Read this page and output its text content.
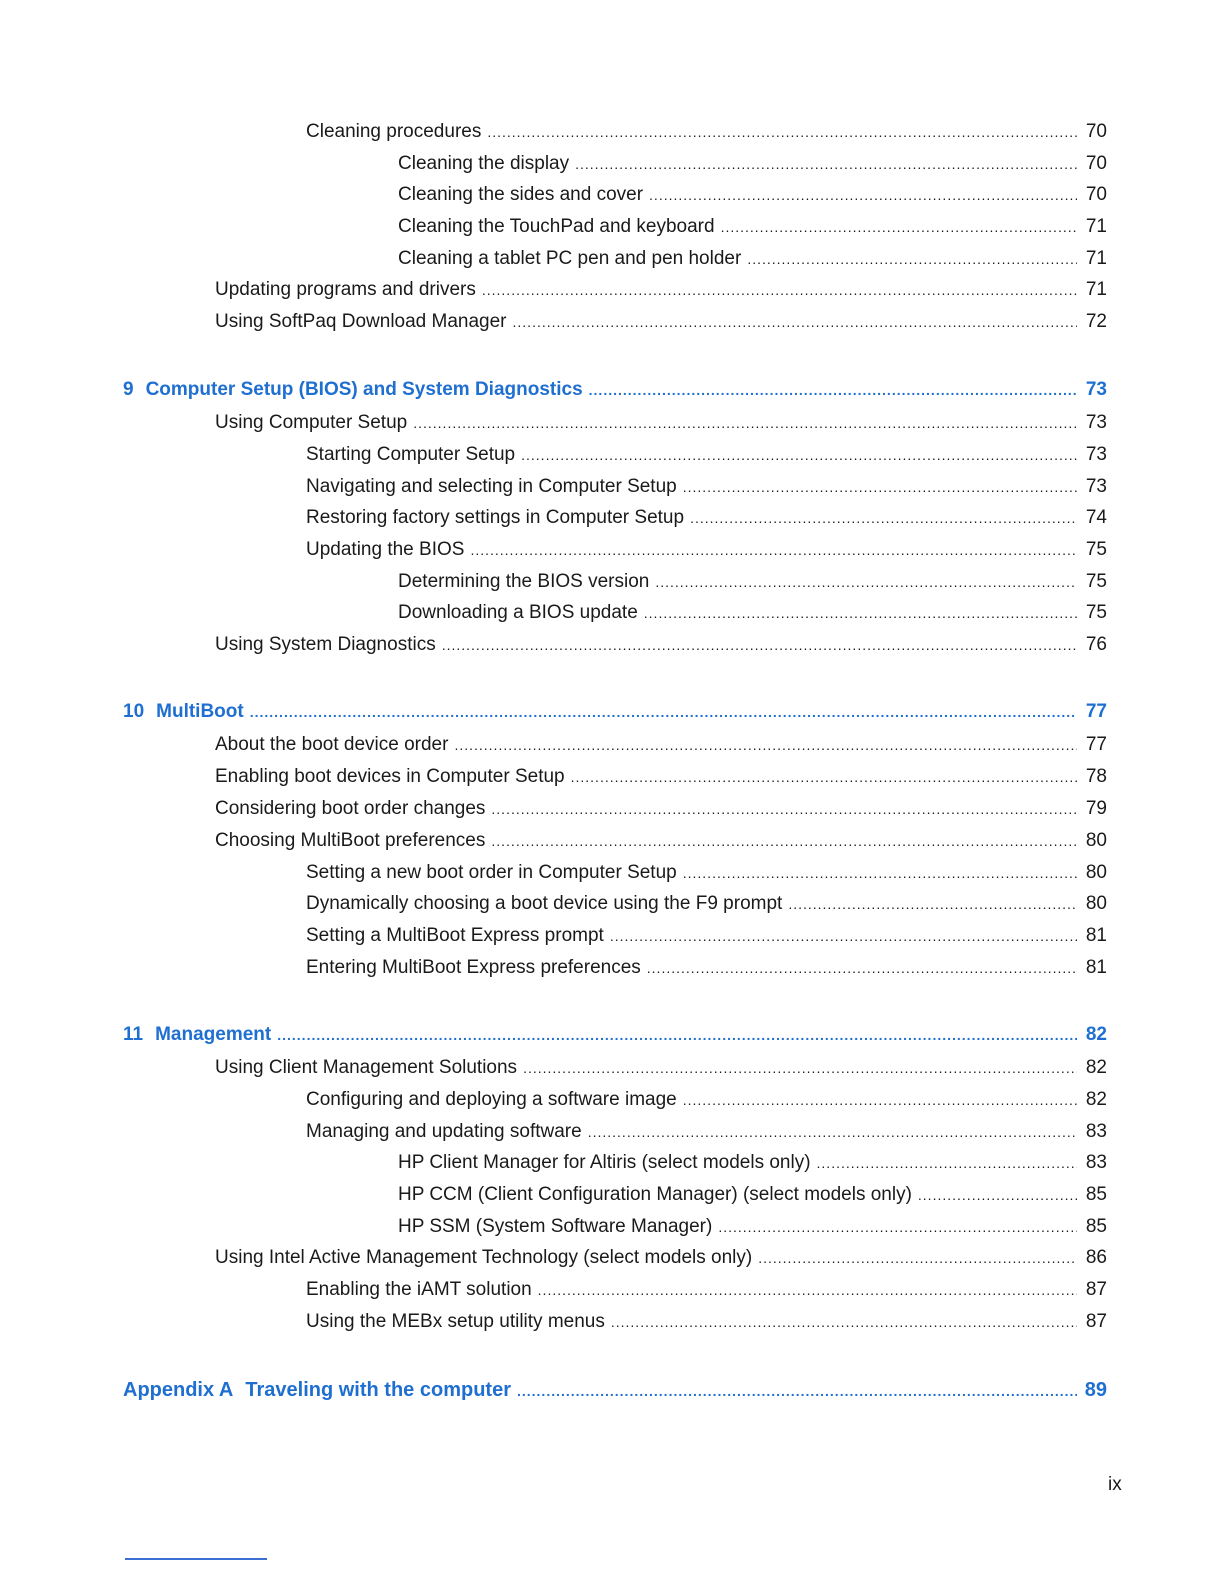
Cleaning procedures .....	70
Cleaning the display .....	70
Cleaning the sides and cover .....	70
Cleaning the TouchPad and keyboard .....	71
Cleaning a tablet PC pen and pen holder .....	71
Updating programs and drivers .....	71
Using SoftPaq Download Manager .....	72
9 Computer Setup (BIOS) and System Diagnostics .....	73
Using Computer Setup .....	73
Starting Computer Setup .....	73
Navigating and selecting in Computer Setup .....	73
Restoring factory settings in Computer Setup .....	74
Updating the BIOS .....	75
Determining the BIOS version .....	75
Downloading a BIOS update .....	75
Using System Diagnostics .....	76
10 MultiBoot .....	77
About the boot device order .....	77
Enabling boot devices in Computer Setup .....	78
Considering boot order changes .....	79
Choosing MultiBoot preferences .....	80
Setting a new boot order in Computer Setup .....	80
Dynamically choosing a boot device using the F9 prompt .....	80
Setting a MultiBoot Express prompt .....	81
Entering MultiBoot Express preferences .....	81
11 Management .....	82
Using Client Management Solutions .....	82
Configuring and deploying a software image .....	82
Managing and updating software .....	83
HP Client Manager for Altiris (select models only) .....	83
HP CCM (Client Configuration Manager) (select models only) .....	85
HP SSM (System Software Manager) .....	85
Using Intel Active Management Technology (select models only) .....	86
Enabling the iAMT solution .....	87
Using the MEBx setup utility menus .....	87
Appendix A Traveling with the computer .....	89
ix
